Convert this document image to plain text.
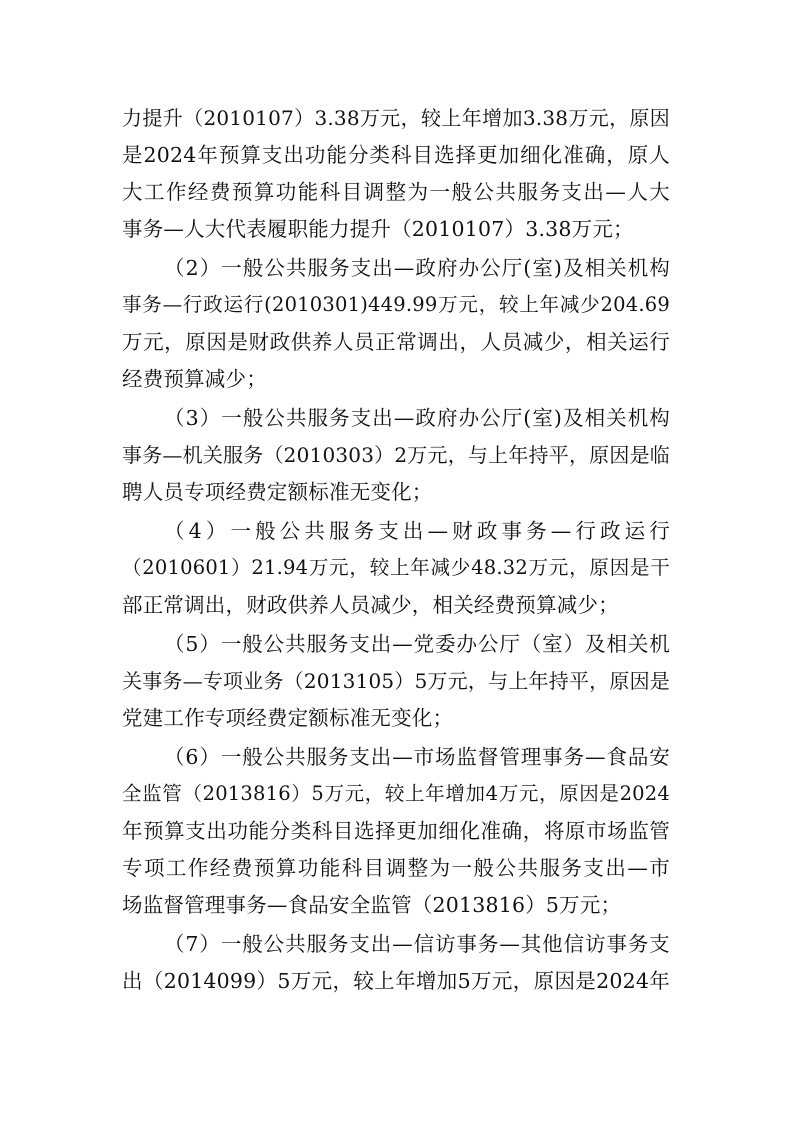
力提升（2010107）3.38万元，较上年增加3.38万元，原因
是2024年预算支出功能分类科目选择更加细化准确，原人
大工作经费预算功能科目调整为一般公共服务支出—人大
事务—人大代表履职能力提升（2010107）3.38万元；
（2）一般公共服务支出—政府办公厅(室)及相关机构
事务—行政运行(2010301)449.99万元，较上年减少204.69
万元，原因是财政供养人员正常调出，人员减少，相关运行
经费预算减少；
（3）一般公共服务支出—政府办公厅(室)及相关机构
事务—机关服务（2010303）2万元，与上年持平，原因是临
聘人员专项经费定额标准无变化；
（4）一般公共服务支出—财政事务—行政运行
（2010601）21.94万元，较上年减少48.32万元，原因是干
部正常调出，财政供养人员减少，相关经费预算减少；
（5）一般公共服务支出—党委办公厅（室）及相关机
关事务—专项业务（2013105）5万元，与上年持平，原因是
党建工作专项经费定额标准无变化；
（6）一般公共服务支出—市场监督管理事务—食品安
全监管（2013816）5万元，较上年增加4万元，原因是2024
年预算支出功能分类科目选择更加细化准确，将原市场监管
专项工作经费预算功能科目调整为一般公共服务支出—市
场监督管理事务—食品安全监管（2013816）5万元；
（7）一般公共服务支出—信访事务—其他信访事务支
出（2014099）5万元，较上年增加5万元，原因是2024年
